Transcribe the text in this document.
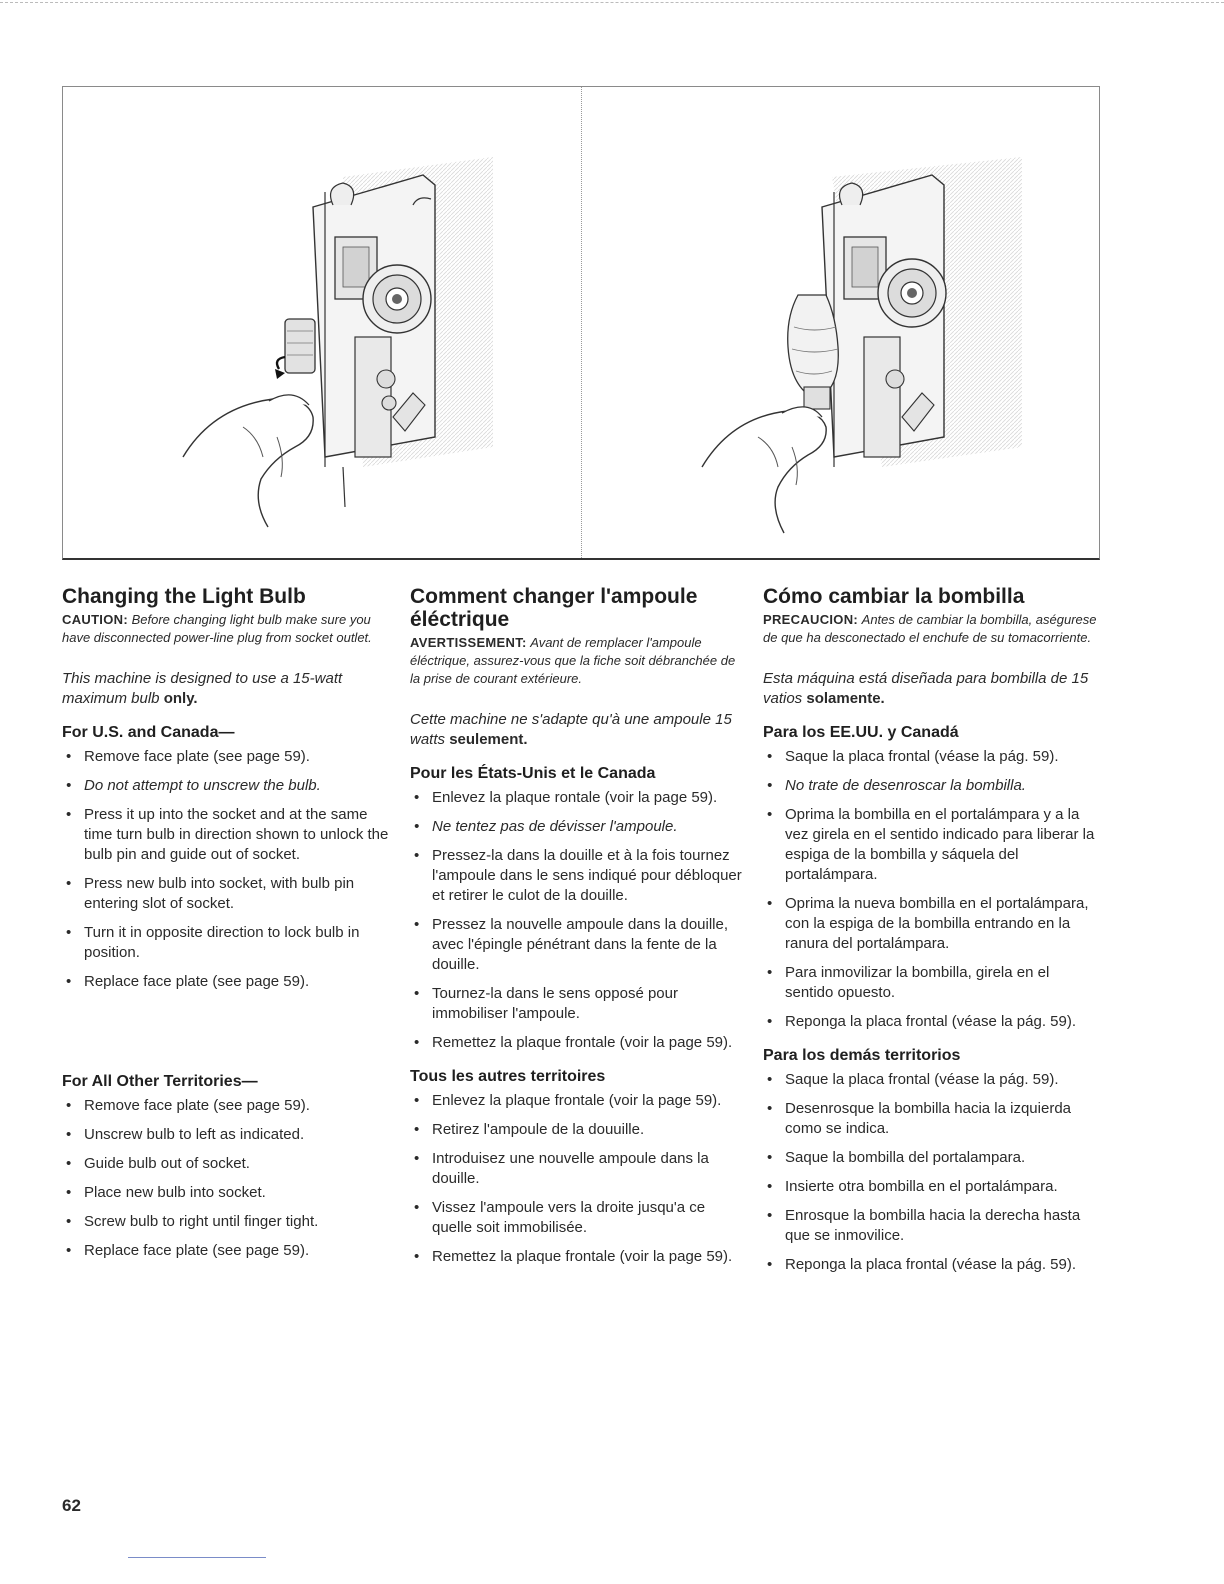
Changing the Light Bulb

CAUTION: Before changing light bulb make sure you have disconnected power-line plug from socket outlet.

This machine is designed to use a 15-watt maximum bulb only.

For U.S. and Canada—
• Remove face plate (see page 59).
• Do not attempt to unscrew the bulb.
• Press it up into the socket and at the same time turn bulb in direction shown to unlock the bulb pin and guide out of socket.
• Press new bulb into socket, with bulb pin entering slot of socket.
• Turn it in opposite direction to lock bulb in position.
• Replace face plate (see page 59).
For All Other Territories—
• Remove face plate (see page 59).
• Unscrew bulb to left as indicated.
• Guide bulb out of socket.
• Place new bulb into socket.
• Screw bulb to right until finger tight.
• Replace face plate (see page 59).
Comment changer l'ampoule éléctrique

AVERTISSEMENT: Avant de remplacer l'ampoule éléctrique, assurez-vous que la fiche soit débranchée de la prise de courant extérieure.

Cette machine ne s'adapte qu'à une ampoule 15 watts seulement.

Pour les États-Unis et le Canada
• Enlevez la plaque rontale (voir la page 59).
• Ne tentez pas de dévisser l'ampoule.
• Pressez-la dans la douille et à la fois tournez l'ampoule dans le sens indiqué pour débloquer et retirer le culot de la douille.
• Pressez la nouvelle ampoule dans la douille, avec l'épingle pénétrant dans la fente de la douille.
• Tournez-la dans le sens opposé pour immobiliser l'ampoule.
• Remettez la plaque frontale (voir la page 59).
Tous les autres territoires
• Enlevez la plaque frontale (voir la page 59).
• Retirez l'ampoule de la douuille.
• Introduisez une nouvelle ampoule dans la douille.
• Vissez l'ampoule vers la droite jusqu'a ce quelle soit immobilisée.
• Remettez la plaque frontale (voir la page 59).
Cómo cambiar la bombilla

PRECAUCION: Antes de cambiar la bombilla, aségurese de que ha desconectado el enchufe de su tomacorriente.

Esta máquina está diseñada para bombilla de 15 vatios solamente.

Para los EE.UU. y Canadá
• Saque la placa frontal (véase la pág. 59).
• No trate de desenroscar la bombilla.
• Oprima la bombilla en el portalámpara y a la vez girela en el sentido indicado para liberar la espiga de la bombilla y sáquela del portalámpara.
• Oprima la nueva bombilla en el portalámpara, con la espiga de la bombilla entrando en la ranura del portalámpara.
• Para inmovilizar la bombilla, girela en el sentido opuesto.
• Reponga la placa frontal (véase la pág. 59).
Para los demás territorios
• Saque la placa frontal (véase la pág. 59).
• Desenrosque la bombilla hacia la izquierda como se indica.
• Saque la bombilla del portalampara.
• Insierte otra bombilla en el portalámpara.
• Enrosque la bombilla hacia la derecha hasta que se inmovilice.
• Reponga la placa frontal (véase la pág. 59).
62
